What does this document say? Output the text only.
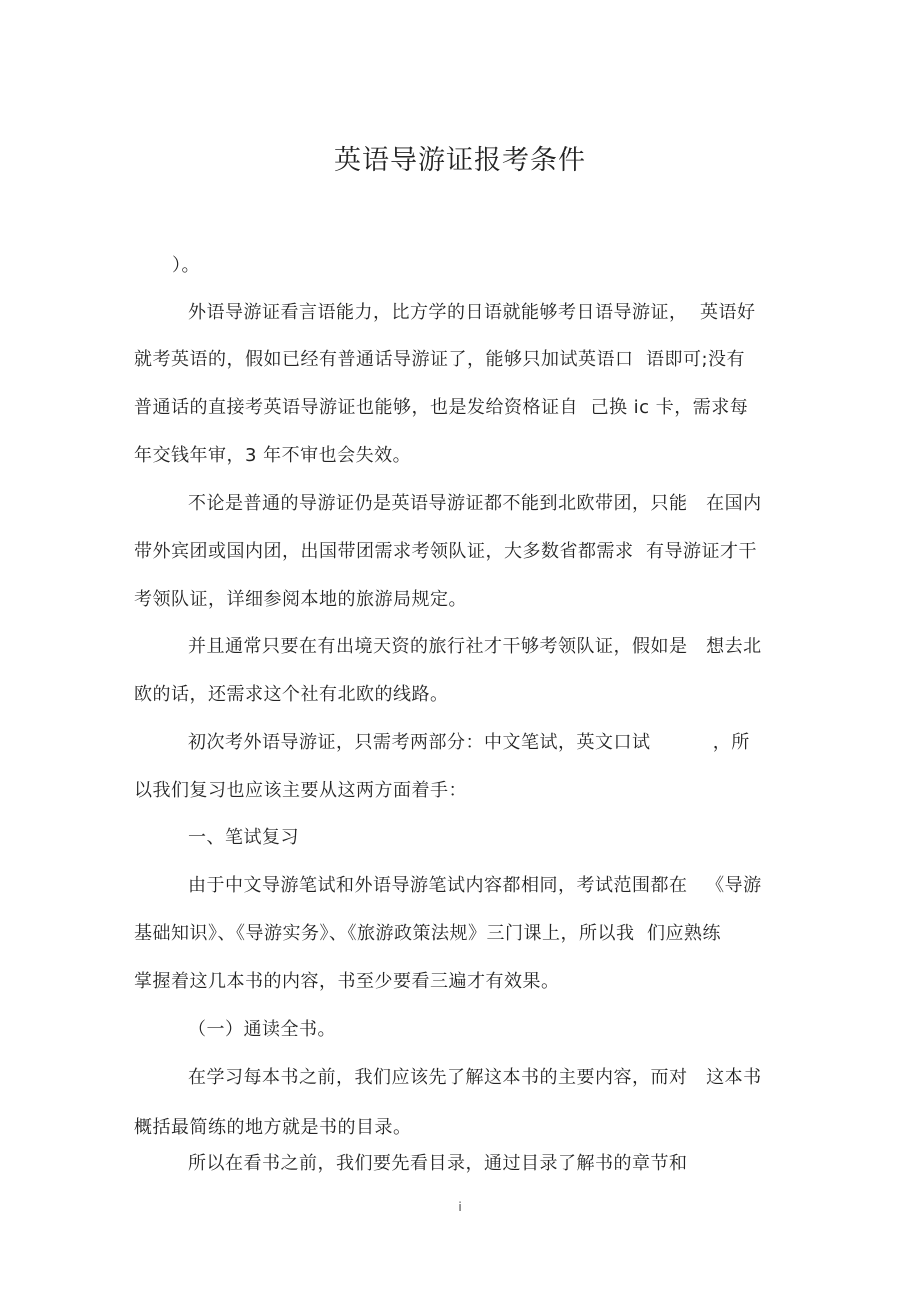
英语导游证报考条件
）。
外语导游证看言语能力，比方学的日语就能够考日语导游证，  英语好
就考英语的，假如已经有普通话导游证了，能够只加试英语口  语即可;没有
普通话的直接考英语导游证也能够，也是发给资格证自  己换 ic 卡，需求每
年交钱年审，3 年不审也会失效。
不论是普通的导游证仍是英语导游证都不能到北欧带团，只能   在国内
带外宾团或国内团，出国带团需求考领队证，大多数省都需求  有导游证才干
考领队证，详细参阅本地的旅游局规定。
并且通常只要在有出境天资的旅行社才干够考领队证，假如是   想去北
欧的话，还需求这个社有北欧的线路。
初次考外语导游证，只需考两部分：中文笔试，英文口试          ，所
以我们复习也应该主要从这两方面着手：
一、笔试复习
由于中文导游笔试和外语导游笔试内容都相同，考试范围都在   《导游
基础知识》、《导游实务》、《旅游政策法规》三门课上，所以我  们应熟练
掌握着这几本书的内容，书至少要看三遍才有效果。
（一）通读全书。
在学习每本书之前，我们应该先了解这本书的主要内容，而对   这本书
概括最简练的地方就是书的目录。
所以在看书之前，我们要先看目录，通过目录了解书的章节和
i
